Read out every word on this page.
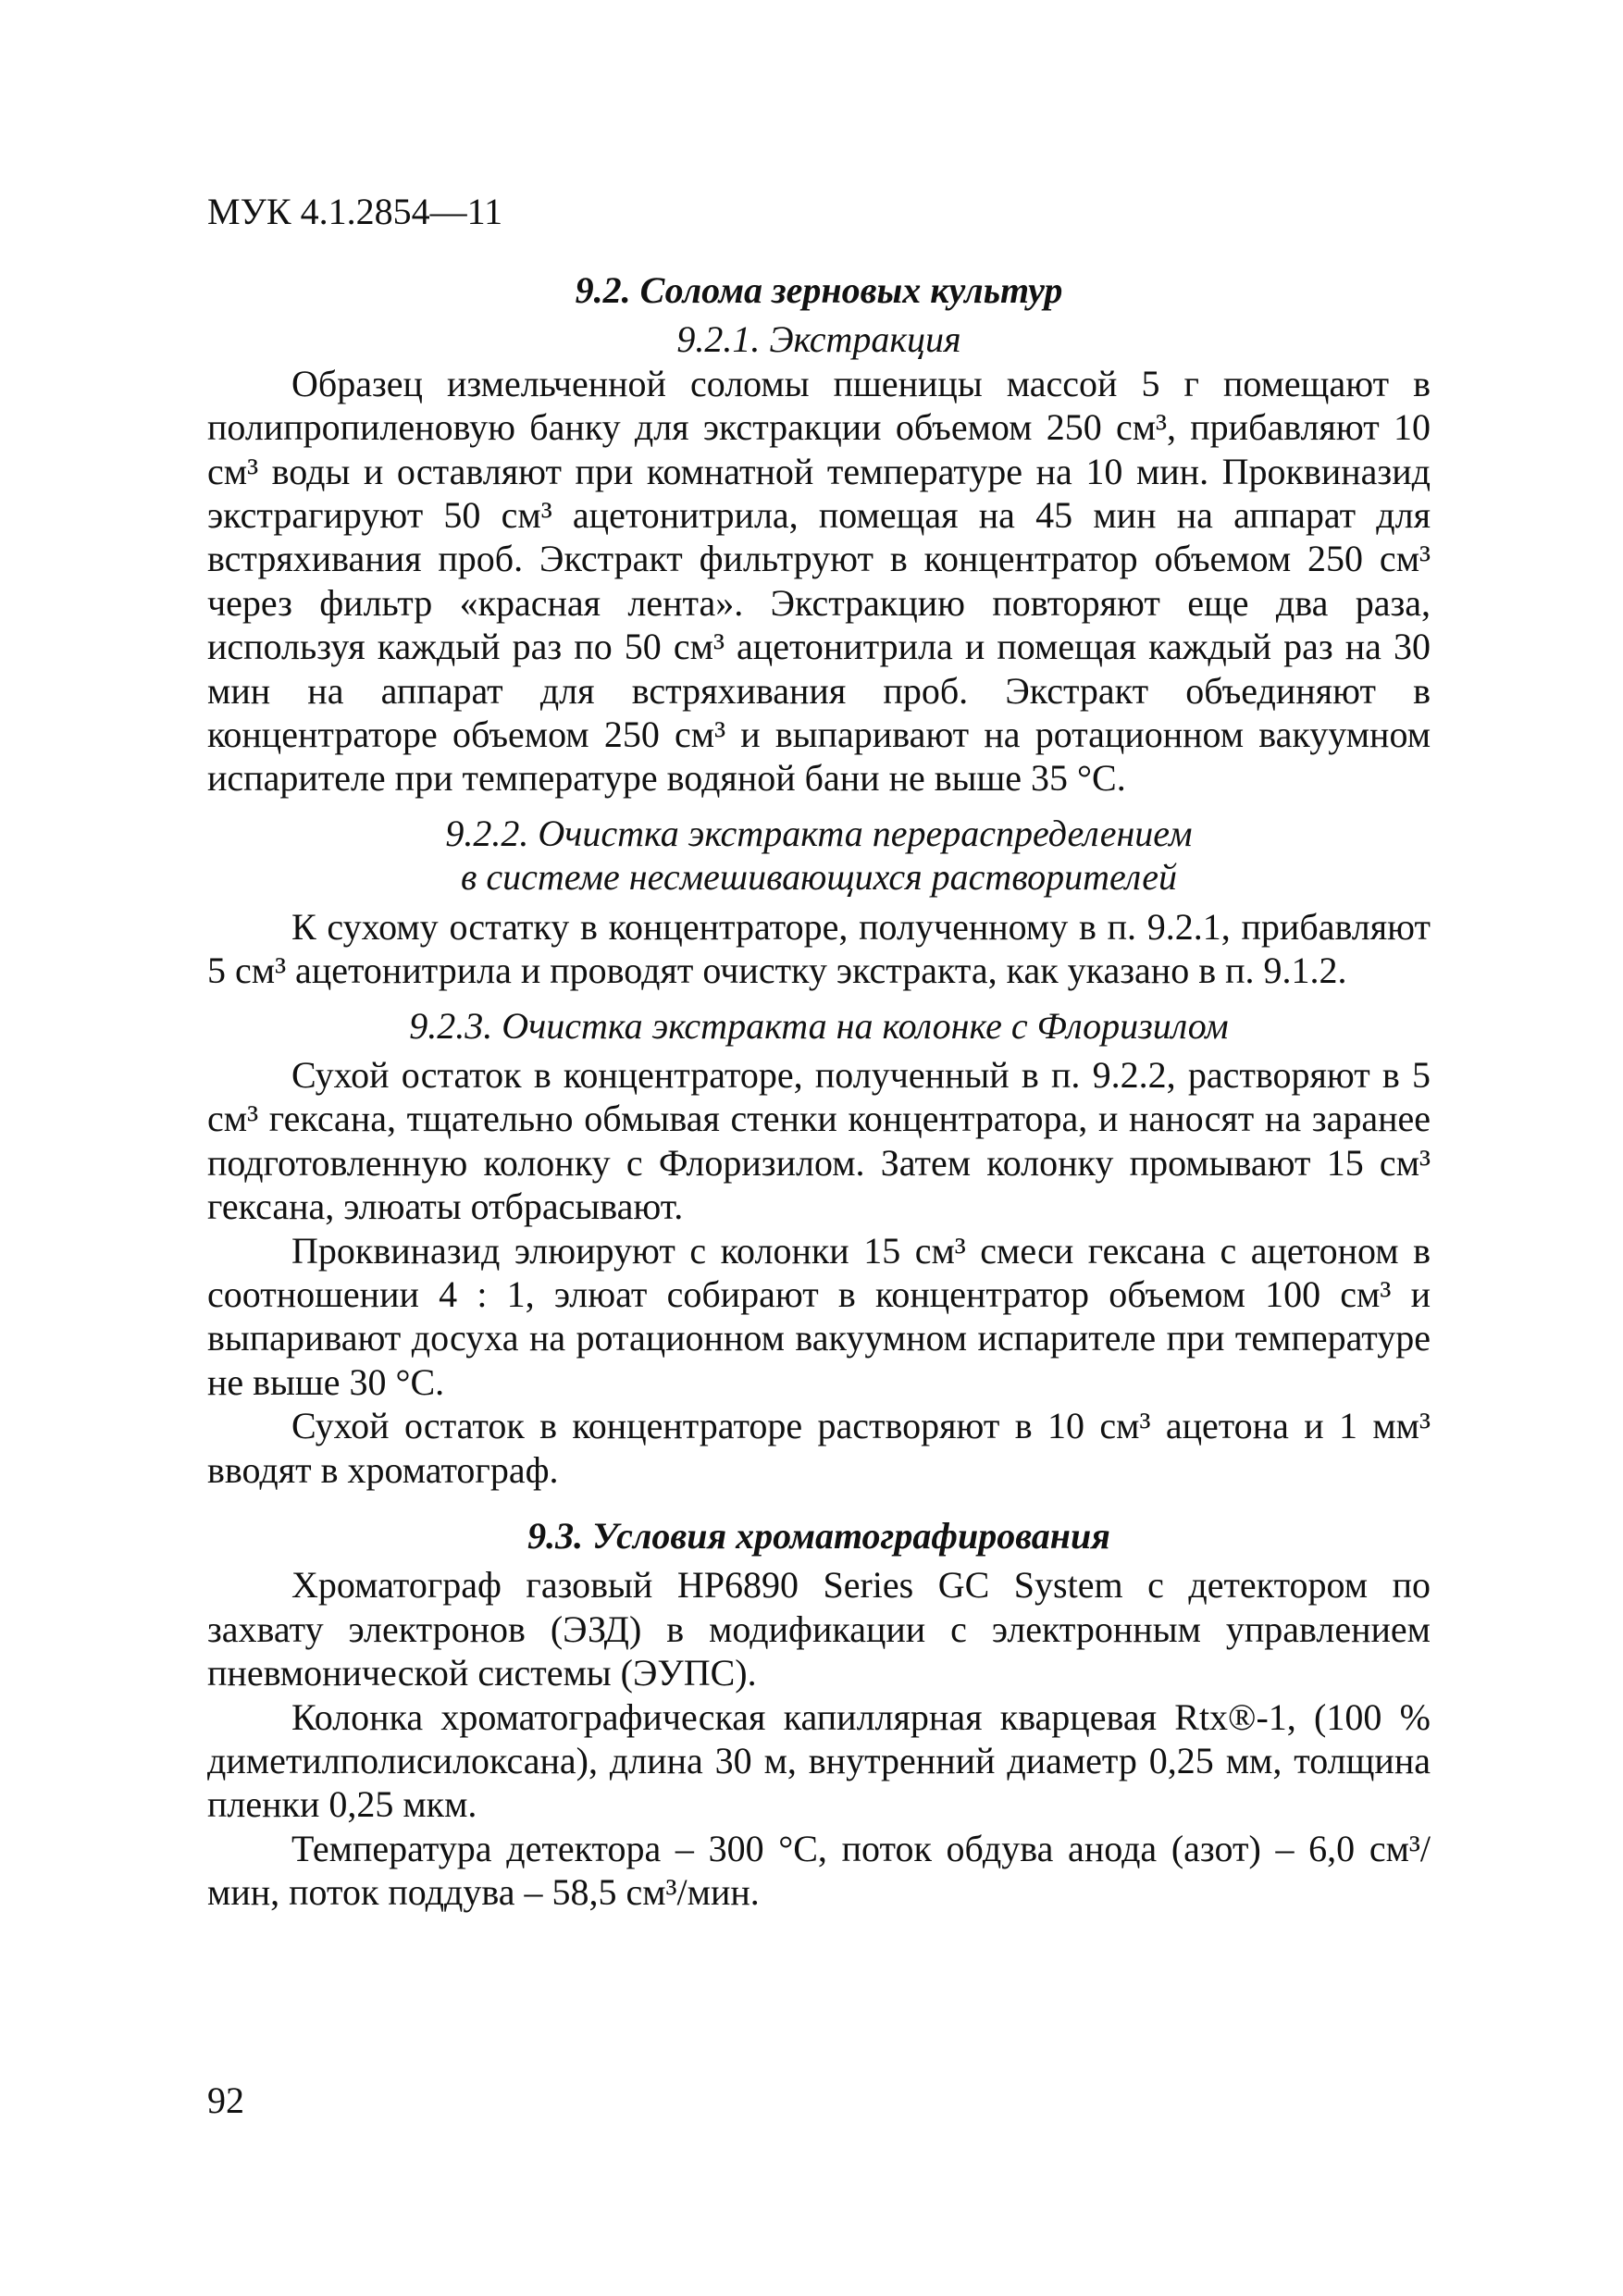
МУК 4.1.2854—11

9.2. Солома зерновых культур

9.2.1. Экстракция

Образец измельченной соломы пшеницы массой 5 г помещают в полипропиленовую банку для экстракции объемом 250 см³, прибавляют 10 см³ воды и оставляют при комнатной температуре на 10 мин. Проквиназид экстрагируют 50 см³ ацетонитрила, помещая на 45 мин на аппарат для встряхивания проб. Экстракт фильтруют в концентратор объемом 250 см³ через фильтр «красная лента». Экстракцию повторяют еще два раза, используя каждый раз по 50 см³ ацетонитрила и помещая каждый раз на 30 мин на аппарат для встряхивания проб. Экстракт объединяют в концентраторе объемом 250 см³ и выпаривают на ротационном вакуумном испарителе при температуре водяной бани не выше 35 °С.

9.2.2. Очистка экстракта перераспределением

в системе несмешивающихся растворителей

К сухому остатку в концентраторе, полученному в п. 9.2.1, прибавляют 5 см³ ацетонитрила и проводят очистку экстракта, как указано в п. 9.1.2.

9.2.3. Очистка экстракта на колонке с Флоризилом

Сухой остаток в концентраторе, полученный в п. 9.2.2, растворяют в 5 см³ гексана, тщательно обмывая стенки концентратора, и наносят на заранее подготовленную колонку с Флоризилом. Затем колонку промывают 15 см³ гексана, элюаты отбрасывают.

Проквиназид элюируют с колонки 15 см³ смеси гексана с ацетоном в соотношении 4 : 1, элюат собирают в концентратор объемом 100 см³ и выпаривают досуха на ротационном вакуумном испарителе при температуре не выше 30 °С.

Сухой остаток в концентраторе растворяют в 10 см³ ацетона и 1 мм³ вводят в хроматограф.

9.3. Условия хроматографирования

Хроматограф газовый HP6890 Series GC System с детектором по захвату электронов (ЭЗД) в модификации с электронным управлением пневмонической системы (ЭУПС).

Колонка хроматографическая капиллярная кварцевая Rtx®-1, (100 % диметилполисилоксана), длина 30 м, внутренний диаметр 0,25 мм, толщина пленки 0,25 мкм.

Температура детектора – 300 °С, поток обдува анода (азот) – 6,0 см³/мин, поток поддува – 58,5 см³/мин.

92
